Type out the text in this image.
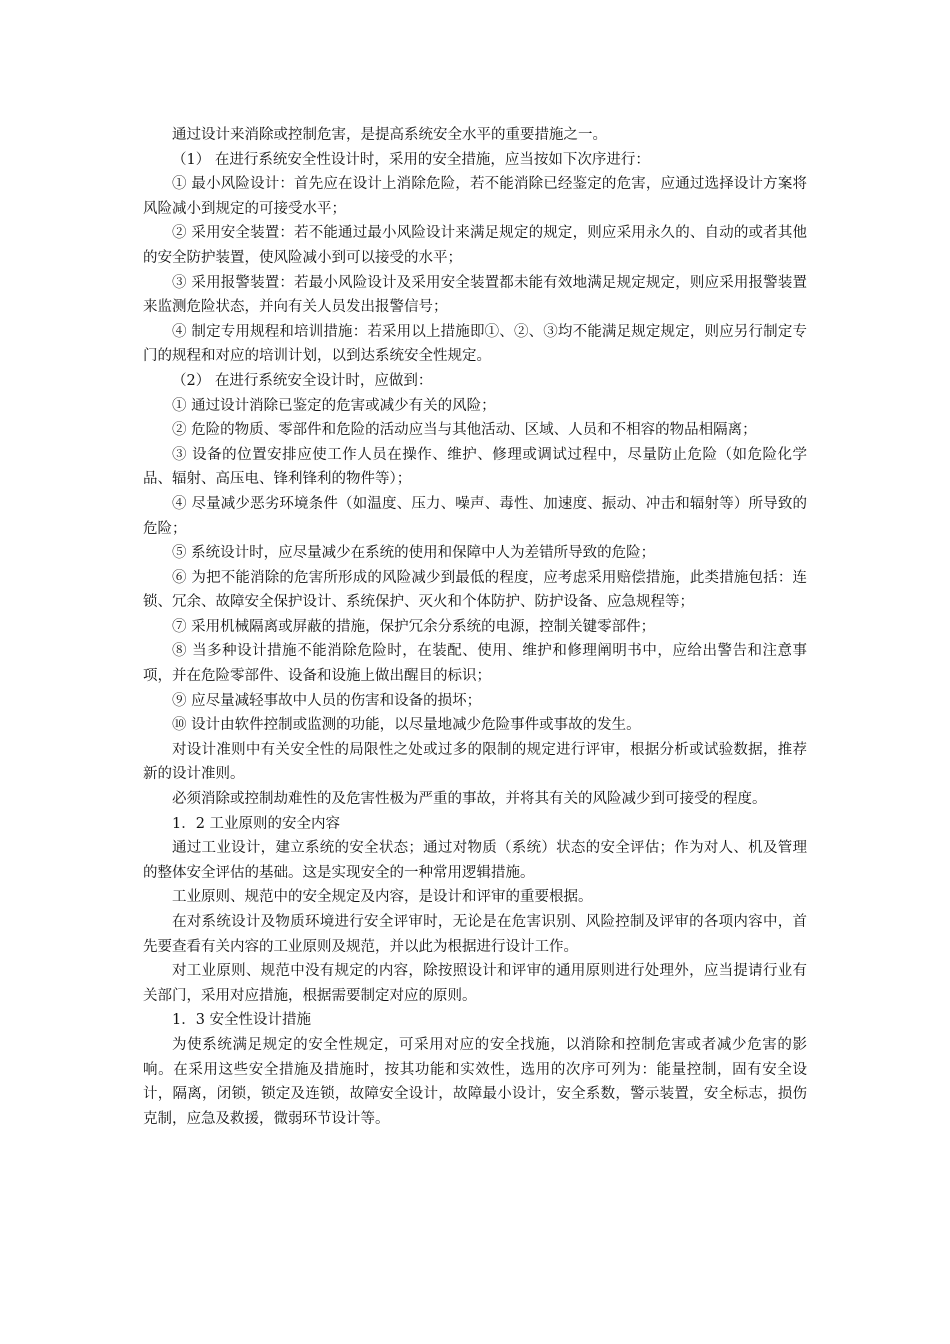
通过设计来消除或控制危害，是提高系统安全水平的重要措施之一。

（1） 在进行系统安全性设计时，采用的安全措施，应当按如下次序进行：

① 最小风险设计：首先应在设计上消除危险，若不能消除已经鉴定的危害，应通过选择设计方案将风险减小到规定的可接受水平；

② 采用安全装置：若不能通过最小风险设计来满足规定的规定，则应采用永久的、自动的或者其他的安全防护装置，使风险减小到可以接受的水平；

③ 采用报警装置：若最小风险设计及采用安全装置都未能有效地满足规定规定，则应采用报警装置来监测危险状态，并向有关人员发出报警信号；

④ 制定专用规程和培训措施：若采用以上措施即①、②、③均不能满足规定规定，则应另行制定专门的规程和对应的培训计划，以到达系统安全性规定。

（2） 在进行系统安全设计时，应做到：

① 通过设计消除已鉴定的危害或减少有关的风险；

② 危险的物质、零部件和危险的活动应当与其他活动、区域、人员和不相容的物品相隔离；

③ 设备的位置安排应使工作人员在操作、维护、修理或调试过程中，尽量防止危险（如危险化学品、辐射、高压电、锋利锋利的物件等）；

④ 尽量减少恶劣环境条件（如温度、压力、噪声、毒性、加速度、振动、冲击和辐射等）所导致的危险；

⑤ 系统设计时，应尽量减少在系统的使用和保障中人为差错所导致的危险；

⑥ 为把不能消除的危害所形成的风险减少到最低的程度，应考虑采用赔偿措施，此类措施包括：连锁、冗余、故障安全保护设计、系统保护、灭火和个体防护、防护设备、应急规程等；

⑦ 采用机械隔离或屏蔽的措施，保护冗余分系统的电源，控制关键零部件；

⑧ 当多种设计措施不能消除危险时，在装配、使用、维护和修理阐明书中，应给出警告和注意事项，并在危险零部件、设备和设施上做出醒目的标识；

⑨ 应尽量减轻事故中人员的伤害和设备的损坏；

⑩ 设计由软件控制或监测的功能，以尽量地减少危险事件或事故的发生。

对设计准则中有关安全性的局限性之处或过多的限制的规定进行评审，根据分析或试验数据，推荐新的设计准则。

必须消除或控制劫难性的及危害性极为严重的事故，并将其有关的风险减少到可接受的程度。

1．2 工业原则的安全内容

通过工业设计，建立系统的安全状态；通过对物质（系统）状态的安全评估；作为对人、机及管理的整体安全评估的基础。这是实现安全的一种常用逻辑措施。

工业原则、规范中的安全规定及内容，是设计和评审的重要根据。

在对系统设计及物质环境进行安全评审时，无论是在危害识别、风险控制及评审的各项内容中，首先要查看有关内容的工业原则及规范，并以此为根据进行设计工作。

对工业原则、规范中没有规定的内容，除按照设计和评审的通用原则进行处理外，应当提请行业有关部门，采用对应措施，根据需要制定对应的原则。

1．3 安全性设计措施

为使系统满足规定的安全性规定，可采用对应的安全找施，以消除和控制危害或者减少危害的影响。在采用这些安全措施及措施时，按其功能和实效性，选用的次序可列为：能量控制，固有安全设计，隔离，闭锁，锁定及连锁，故障安全设计，故障最小设计，安全系数，警示装置，安全标志，损伤克制，应急及救援，微弱环节设计等。
